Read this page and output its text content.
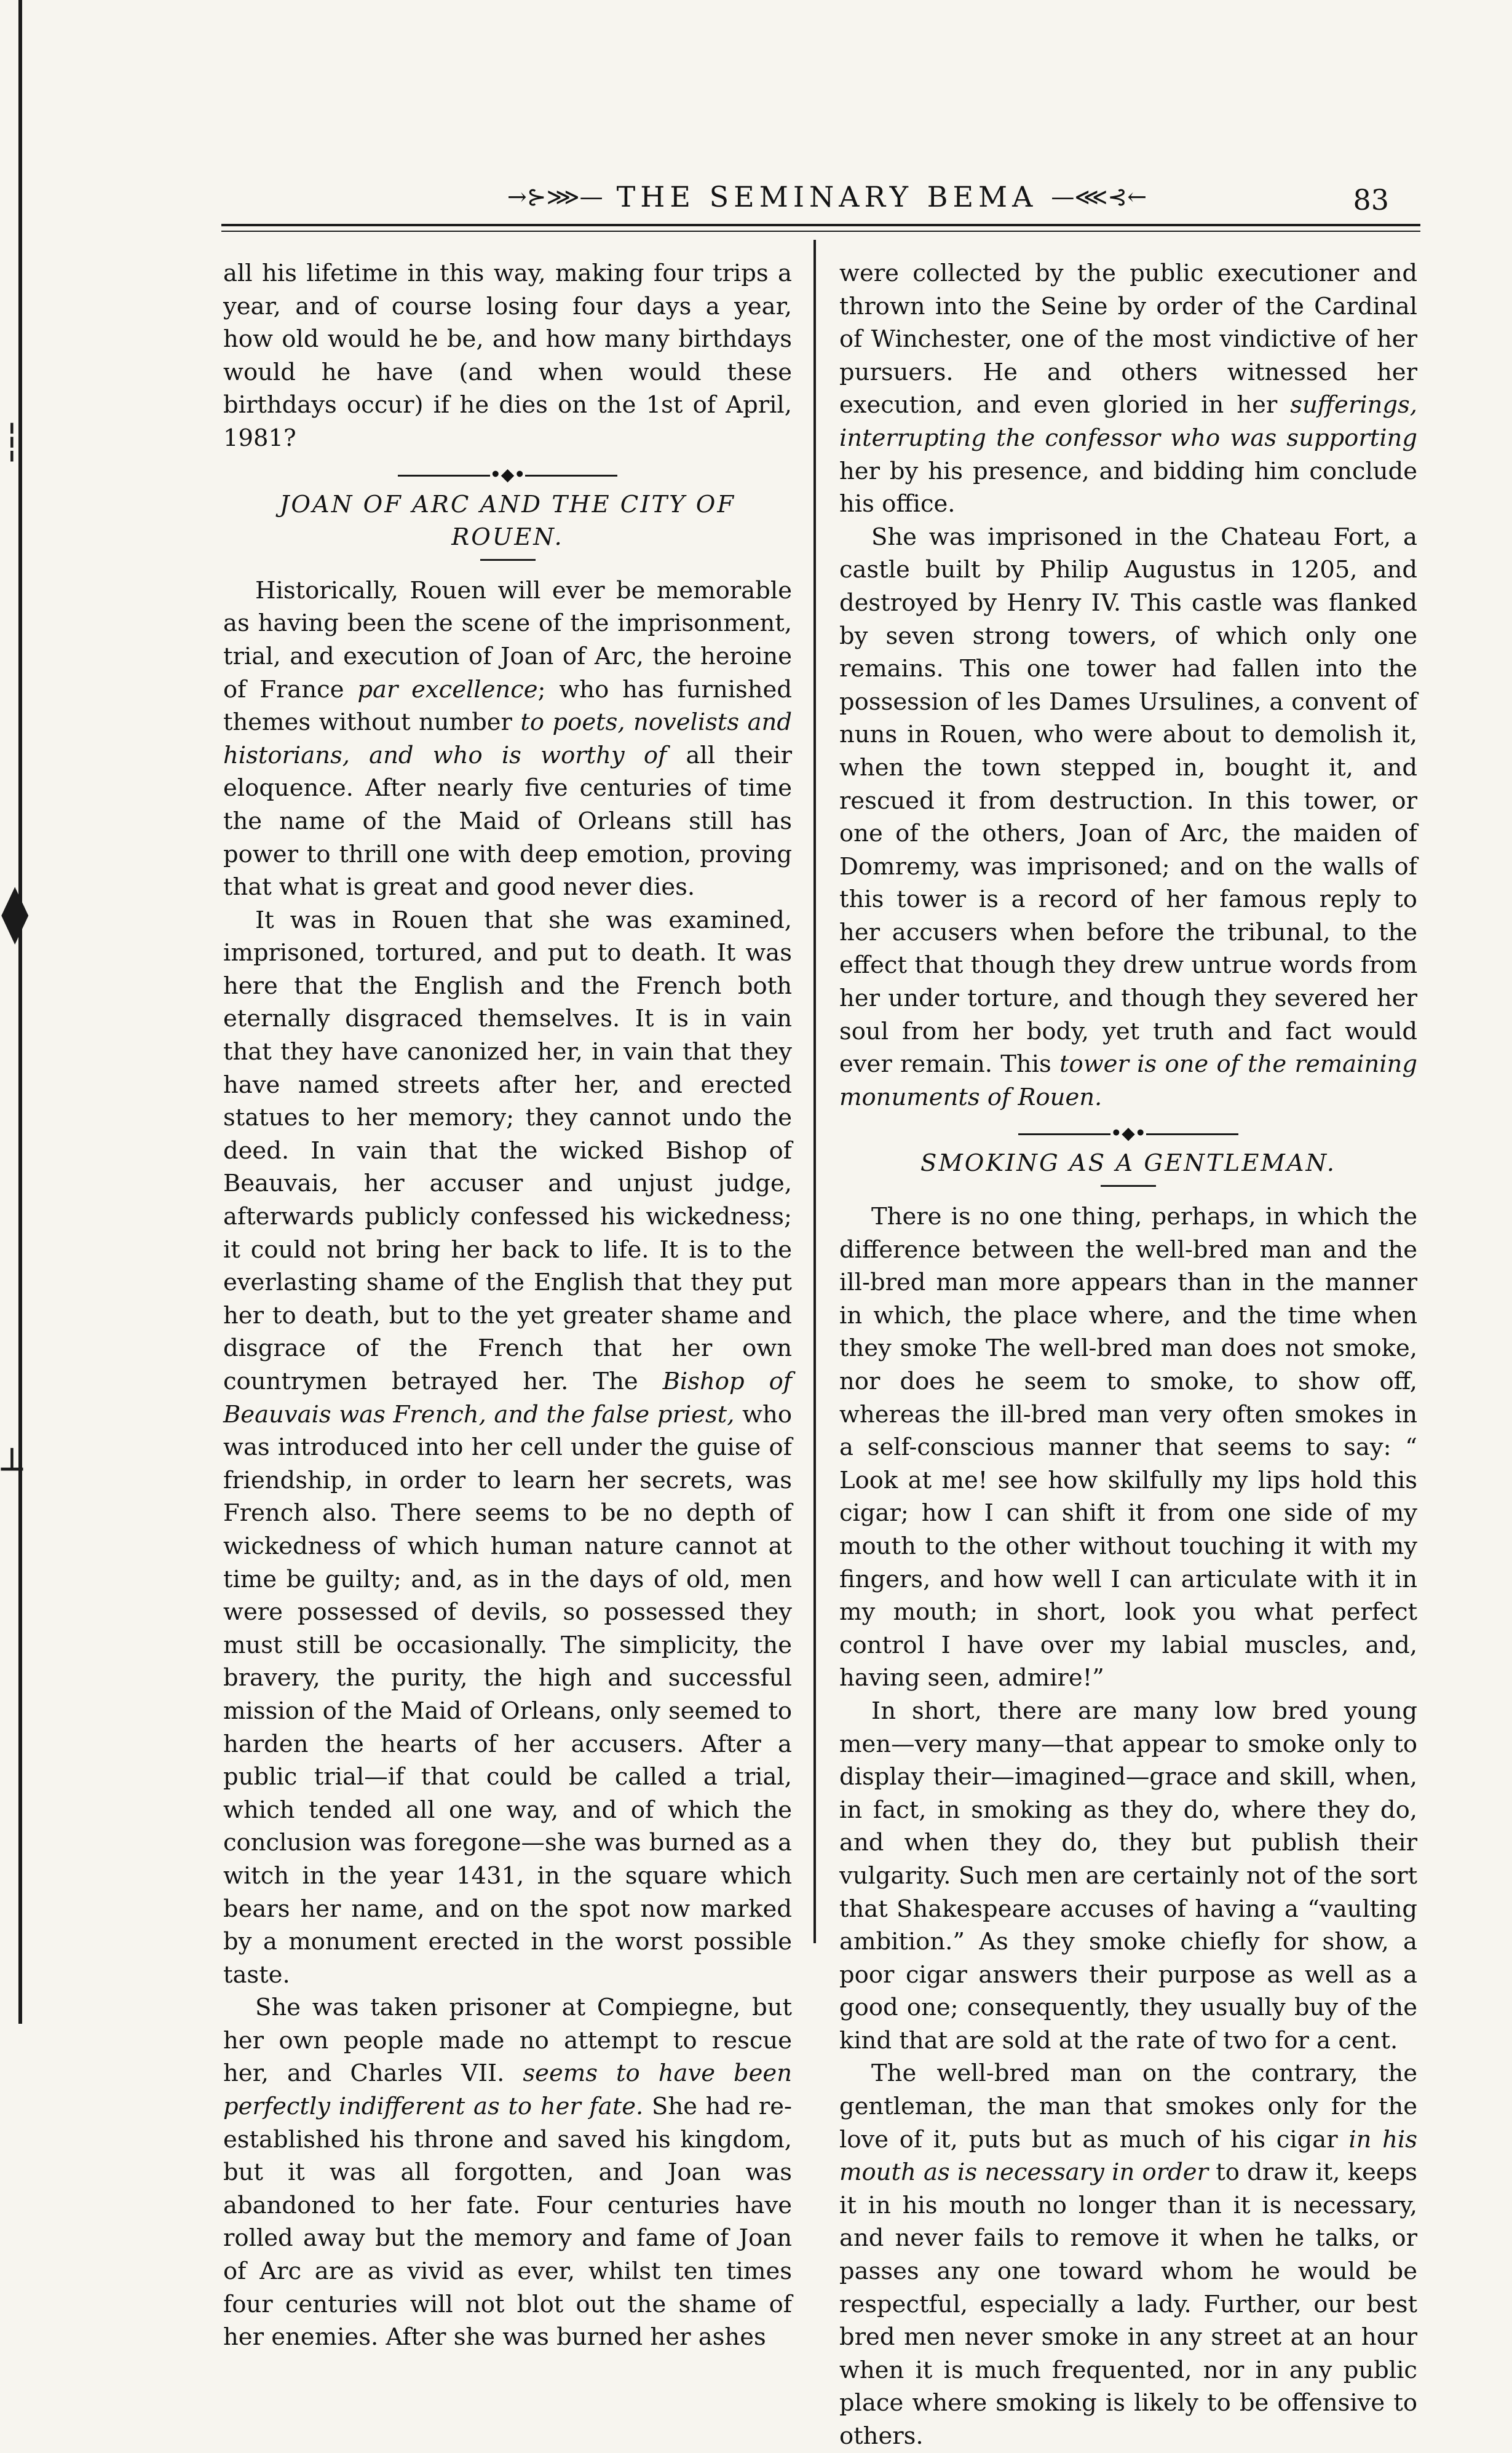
┆
⧫
┴
→⊱⋙— THE SEMINARY BEMA —⋘⊰←	83

all his lifetime in this way, making four trips a year, and of course losing four days a year, how old would he be, and how many birthdays would he have (and when would these birthdays occur) if he dies on the 1st of April, 1981?

•◆•

JOAN OF ARC AND THE CITY OF ROUEN.

Historically, Rouen will ever be memorable as having been the scene of the imprisonment, trial, and execution of Joan of Arc, the heroine of France par excellence; who has furnished themes without number to poets, novelists and historians, and who is worthy of all their eloquence. After nearly five centuries of time the name of the Maid of Orleans still has power to thrill one with deep emotion, proving that what is great and good never dies.

It was in Rouen that she was examined, imprisoned, tortured, and put to death. It was here that the English and the French both eternally disgraced themselves. It is in vain that they have canonized her, in vain that they have named streets after her, and erected statues to her memory; they cannot undo the deed. In vain that the wicked Bishop of Beauvais, her accuser and unjust judge, afterwards publicly confessed his wickedness; it could not bring her back to life. It is to the everlasting shame of the English that they put her to death, but to the yet greater shame and disgrace of the French that her own countrymen betrayed her. The Bishop of Beauvais was French, and the false priest, who was introduced into her cell under the guise of friendship, in order to learn her secrets, was French also. There seems to be no depth of wickedness of which human nature cannot at time be guilty; and, as in the days of old, men were possessed of devils, so possessed they must still be occasionally. The simplicity, the bravery, the purity, the high and successful mission of the Maid of Orleans, only seemed to harden the hearts of her accusers. After a public trial—if that could be called a trial, which tended all one way, and of which the conclusion was foregone—she was burned as a witch in the year 1431, in the square which bears her name, and on the spot now marked by a monument erected in the worst possible taste.

She was taken prisoner at Compiegne, but her own people made no attempt to rescue her, and Charles VII. seems to have been perfectly indifferent as to her fate. She had re-established his throne and saved his kingdom, but it was all forgotten, and Joan was abandoned to her fate. Four centuries have rolled away but the memory and fame of Joan of Arc are as vivid as ever, whilst ten times four centuries will not blot out the shame of her enemies. After she was burned her ashes

were collected by the public executioner and thrown into the Seine by order of the Cardinal of Winchester, one of the most vindictive of her pursuers. He and others witnessed her execution, and even gloried in her sufferings, interrupting the confessor who was supporting her by his presence, and bidding him conclude his office.

She was imprisoned in the Chateau Fort, a castle built by Philip Augustus in 1205, and destroyed by Henry IV. This castle was flanked by seven strong towers, of which only one remains. This one tower had fallen into the possession of les Dames Ursulines, a convent of nuns in Rouen, who were about to demolish it, when the town stepped in, bought it, and rescued it from destruction. In this tower, or one of the others, Joan of Arc, the maiden of Domremy, was imprisoned; and on the walls of this tower is a record of her famous reply to her accusers when before the tribunal, to the effect that though they drew untrue words from her under torture, and though they severed her soul from her body, yet truth and fact would ever remain. This tower is one of the remaining monuments of Rouen.

•◆•

SMOKING AS A GENTLEMAN.

There is no one thing, perhaps, in which the difference between the well-bred man and the ill-bred man more appears than in the manner in which, the place where, and the time when they smoke The well-bred man does not smoke, nor does he seem to smoke, to show off, whereas the ill-bred man very often smokes in a self-conscious manner that seems to say: “ Look at me! see how skilfully my lips hold this cigar; how I can shift it from one side of my mouth to the other without touching it with my fingers, and how well I can articulate with it in my mouth; in short, look you what perfect control I have over my labial muscles, and, having seen, admire!”

In short, there are many low bred young men—very many—that appear to smoke only to display their—imagined—grace and skill, when, in fact, in smoking as they do, where they do, and when they do, they but publish their vulgarity. Such men are certainly not of the sort that Shakespeare accuses of having a “vaulting ambition.” As they smoke chiefly for show, a poor cigar answers their purpose as well as a good one; consequently, they usually buy of the kind that are sold at the rate of two for a cent.

The well-bred man on the contrary, the gentleman, the man that smokes only for the love of it, puts but as much of his cigar in his mouth as is necessary in order to draw it, keeps it in his mouth no longer than it is necessary, and never fails to remove it when he talks, or passes any one toward whom he would be respectful, especially a lady. Further, our best bred men never smoke in any street at an hour when it is much frequented, nor in any public place where smoking is likely to be offensive to others.
